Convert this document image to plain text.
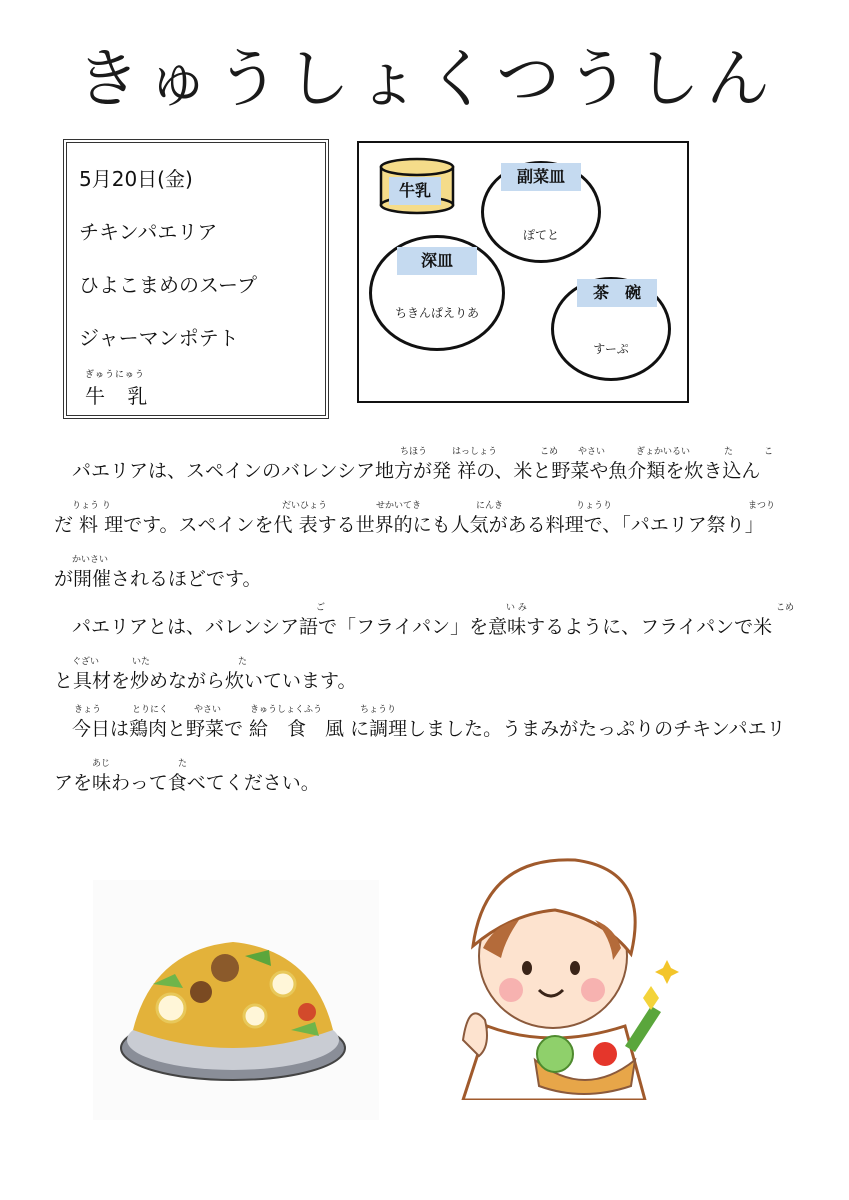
きゅうしょくつうしん
5月20日(金)
チキンパエリア
ひよこまめのスープ
ジャーマンポテト
ぎゅうにゅう
牛 乳
牛乳
ぽてと
副菜皿
ちきんぱえりあ
深皿
すーぷ
茶　碗
ちほう	はっしょう	こめ やさい	ぎょかいるい	た	こ
パエリアは、スペインのバレンシア地方が発 祥の、米と野菜や魚介類を炊き込ん
りょう り	だいひょう	せかいてき	にんき	りょうり	まつり
だ 料 理です。スペインを代 表する世界的にも人気がある料理で、「パエリア祭り」
かいさい
が開催されるほどです。
ご	い み	こめ
パエリアとは、バレンシア語で「フライパン」を意味するように、フライパンで米
ぐざい	いた	た
と具材を炒めながら炊いています。
きょう	とりにく	やさい	きゅうしょくふう	ちょうり
今日は鶏肉と野菜で 給　食　風 に調理しました。うまみがたっぷりのチキンパエリ
あじ	た
アを味わって食べてください。
